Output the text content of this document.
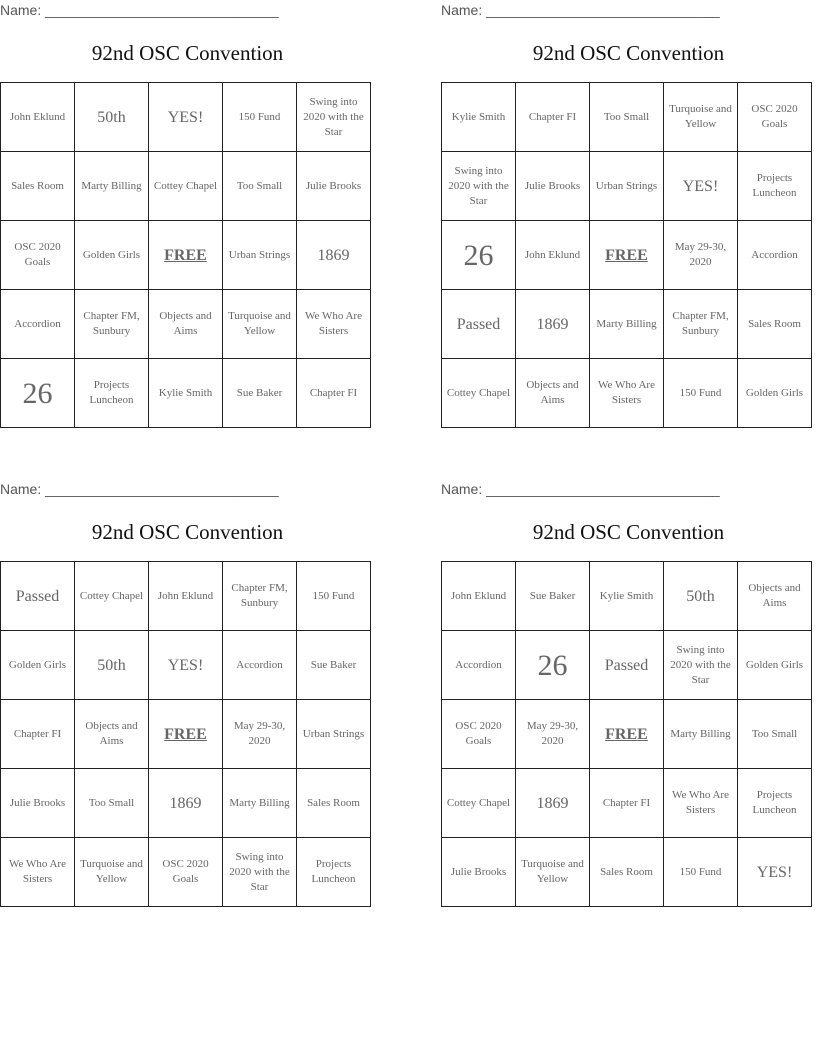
Name: ______________________________
92nd OSC Convention
John Eklund	50th	YES!	150 Fund	Swing into 2020 with the Star
Sales Room	Marty Billing	Cottey Chapel	Too Small	Julie Brooks
OSC 2020 Goals	Golden Girls	FREE	Urban Strings	1869
Accordion	Chapter FM, Sunbury	Objects and Aims	Turquoise and Yellow	We Who Are Sisters
26	Projects Luncheon	Kylie Smith	Sue Baker	Chapter FI
Name: ______________________________
92nd OSC Convention
Kylie Smith	Chapter FI	Too Small	Turquoise and Yellow	OSC 2020 Goals
Swing into 2020 with the Star	Julie Brooks	Urban Strings	YES!	Projects Luncheon
26	John Eklund	FREE	May 29-30, 2020	Accordion
Passed	1869	Marty Billing	Chapter FM, Sunbury	Sales Room
Cottey Chapel	Objects and Aims	We Who Are Sisters	150 Fund	Golden Girls
Name: ______________________________
92nd OSC Convention
Passed	Cottey Chapel	John Eklund	Chapter FM, Sunbury	150 Fund
Golden Girls	50th	YES!	Accordion	Sue Baker
Chapter FI	Objects and Aims	FREE	May 29-30, 2020	Urban Strings
Julie Brooks	Too Small	1869	Marty Billing	Sales Room
We Who Are Sisters	Turquoise and Yellow	OSC 2020 Goals	Swing into 2020 with the Star	Projects Luncheon
Name: ______________________________
92nd OSC Convention
John Eklund	Sue Baker	Kylie Smith	50th	Objects and Aims
Accordion	26	Passed	Swing into 2020 with the Star	Golden Girls
OSC 2020 Goals	May 29-30, 2020	FREE	Marty Billing	Too Small
Cottey Chapel	1869	Chapter FI	We Who Are Sisters	Projects Luncheon
Julie Brooks	Turquoise and Yellow	Sales Room	150 Fund	YES!
